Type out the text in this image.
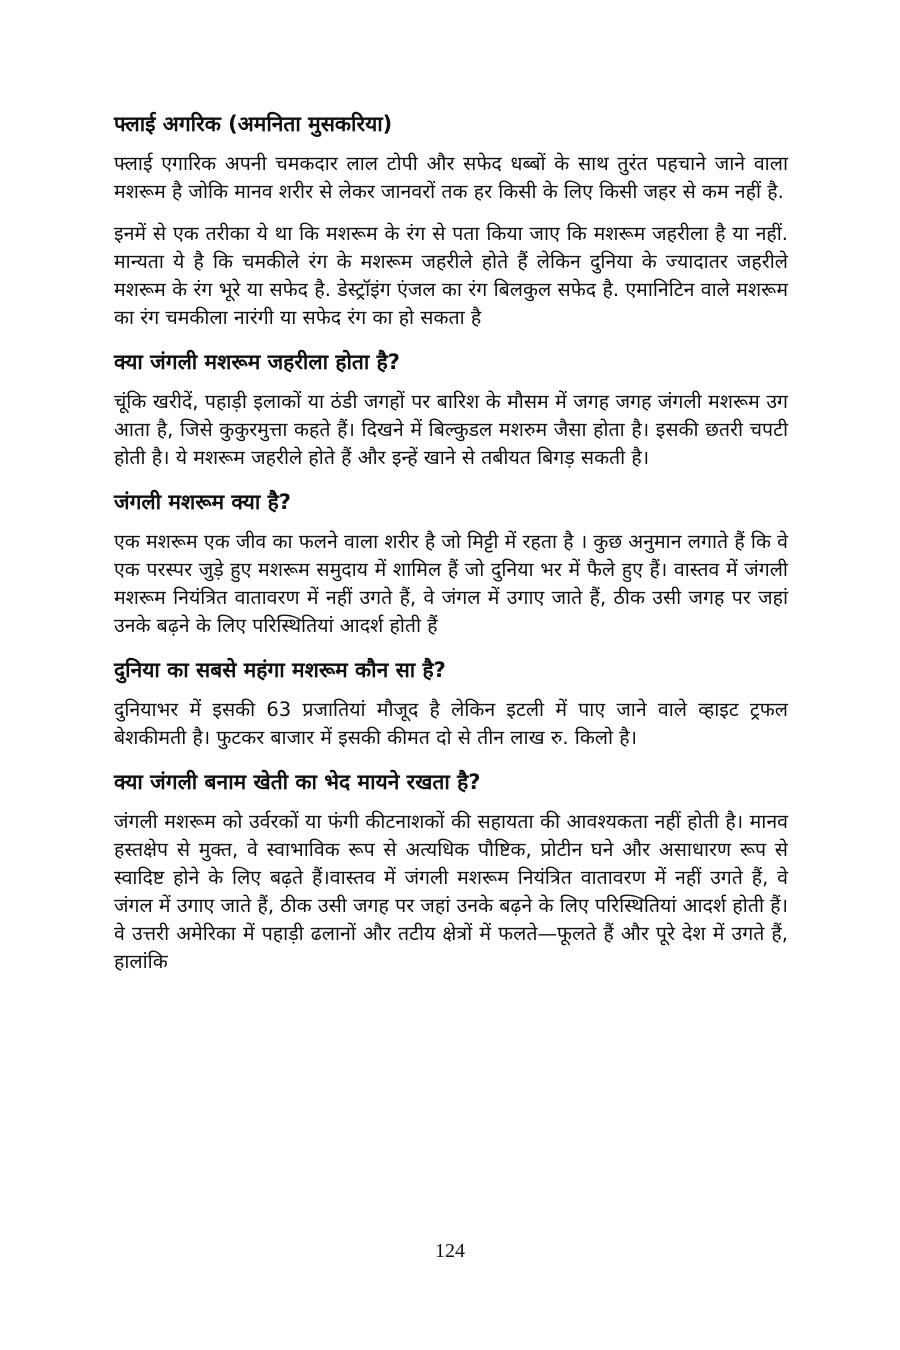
फ्लाई अगरिक (अमनिता मुसकरिया)
फ्लाई एगारिक अपनी चमकदार लाल टोपी और सफेद धब्बों के साथ तुरंत पहचाने जाने वाला मशरूम है जोकि मानव शरीर से लेकर जानवरों तक हर किसी के लिए किसी जहर से कम नहीं है.
इनमें से एक तरीका ये था कि मशरूम के रंग से पता किया जाए कि मशरूम जहरीला है या नहीं. मान्यता ये है कि चमकीले रंग के मशरूम जहरीले होते हैं लेकिन दुनिया के ज्यादातर जहरीले मशरूम के रंग भूरे या सफेद है. डेस्ट्रॉइंग एंजल का रंग बिलकुल सफेद है. एमानिटिन वाले मशरूम का रंग चमकीला नारंगी या सफेद रंग का हो सकता है
क्या जंगली मशरूम जहरीला होता है?
चूंकि खरीदें, पहाड़ी इलाकों या ठंडी जगहों पर बारिश के मौसम में जगह जगह जंगली मशरूम उग आता है, जिसे कुकुरमुत्ता कहते हैं। दिखने में बिल्कुडल मशरुम जैसा होता है। इसकी छतरी चपटी होती है। ये मशरूम जहरीले होते हैं और इन्हें खाने से तबीयत बिगड़ सकती है।
जंगली मशरूम क्या है?
एक मशरूम एक जीव का फलने वाला शरीर है जो मिट्टी में रहता है । कुछ अनुमान लगाते हैं कि वे एक परस्पर जुड़े हुए मशरूम समुदाय में शामिल हैं जो दुनिया भर में फैले हुए हैं। वास्तव में जंगली मशरूम नियंत्रित वातावरण में नहीं उगते हैं, वे जंगल में उगाए जाते हैं, ठीक उसी जगह पर जहां उनके बढ़ने के लिए परिस्थितियां आदर्श होती हैं
दुनिया का सबसे महंगा मशरूम कौन सा है?
दुनियाभर में इसकी 63 प्रजातियां मौजूद है लेकिन इटली में पाए जाने वाले व्हाइट ट्रफल बेशकीमती है। फुटकर बाजार में इसकी कीमत दो से तीन लाख रु. किलो है।
क्या जंगली बनाम खेती का भेद मायने रखता है?
जंगली मशरूम को उर्वरकों या फंगी कीटनाशकों की सहायता की आवश्यकता नहीं होती है। मानव हस्तक्षेप से मुक्त, वे स्वाभाविक रूप से अत्यधिक पौष्टिक, प्रोटीन घने और असाधारण रूप से स्वादिष्ट होने के लिए बढ़ते हैं।वास्तव में जंगली मशरूम नियंत्रित वातावरण में नहीं उगते हैं, वे जंगल में उगाए जाते हैं, ठीक उसी जगह पर जहां उनके बढ़ने के लिए परिस्थितियां आदर्श होती हैं। वे उत्तरी अमेरिका में पहाड़ी ढलानों और तटीय क्षेत्रों में फलते—फूलते हैं और पूरे देश में उगते हैं, हालांकि
124
